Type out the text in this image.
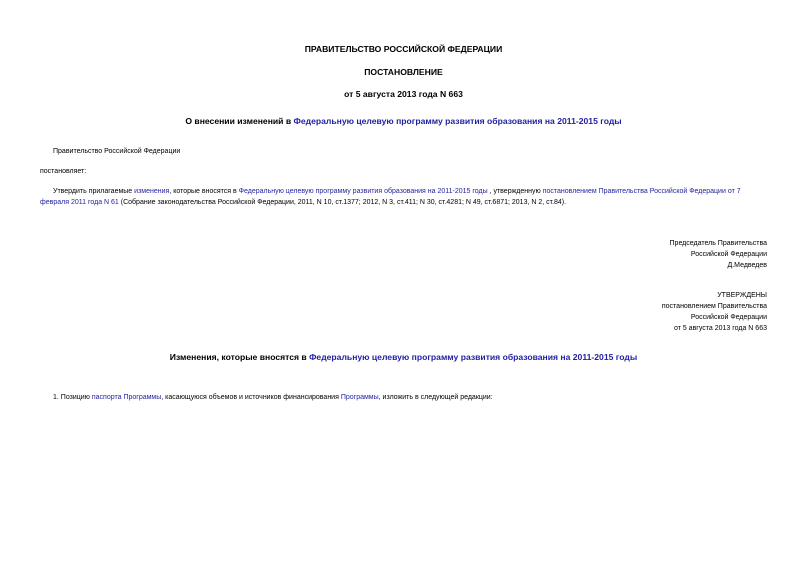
ПРАВИТЕЛЬСТВО РОССИЙСКОЙ ФЕДЕРАЦИИ
ПОСТАНОВЛЕНИЕ
от 5 августа 2013 года N 663
О внесении изменений в Федеральную целевую программу развития образования на 2011-2015 годы
Правительство Российской Федерации
постановляет:
Утвердить прилагаемые изменения, которые вносятся в Федеральную целевую программу развития образования на 2011-2015 годы , утвержденную постановлением Правительства Российской Федерации от 7 февраля 2011 года N 61 (Собрание законодательства Российской Федерации, 2011, N 10, ст.1377; 2012, N 3, ст.411; N 30, ст.4281; N 49, ст.6871; 2013, N 2, ст.84).
Председатель Правительства
Российской Федерации
Д.Медведев
УТВЕРЖДЕНЫ
постановлением Правительства
Российской Федерации
от 5 августа 2013 года N 663
Изменения, которые вносятся в Федеральную целевую программу развития образования на 2011-2015 годы
1. Позицию паспорта Программы, касающуюся объемов и источников финансирования Программы, изложить в следующей редакции:
